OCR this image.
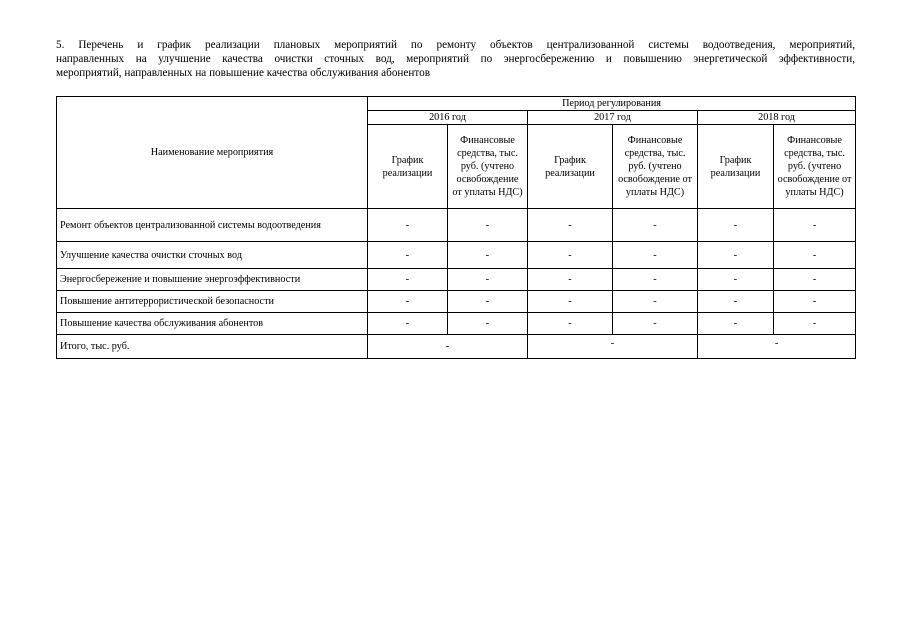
5. Перечень и график реализации плановых мероприятий по ремонту объектов централизованной системы водоотведения, мероприятий,
направленных на улучшение качества очистки сточных вод, мероприятий по энергосбережению и повышению энергетической эффективности,
мероприятий, направленных на повышение качества обслуживания абонентов
Наименование мероприятия	Период регулирования					
	2016 год		2017 год		2018 год	
	График реализации	Финансовые средства, тыс. руб. (учтено освобождение от уплаты НДС)	График реализации	Финансовые средства, тыс. руб. (учтено освобождение от уплаты НДС)	График реализации	Финансовые средства, тыс. руб. (учтено освобождение от уплаты НДС)
Ремонт объектов централизованной системы водоотведения	-	-	-	-	-	-
Улучшение качества очистки сточных вод	-	-	-	-	-	-
Энергосбережение и повышение энергоэффективности	-	-	-	-	-	-
Повышение антитеррористической безопасности	-	-	-	-	-	-
Повышение качества обслуживания абонентов	-	-	-	-	-	-
Итого, тыс. руб.	-		-		-	
